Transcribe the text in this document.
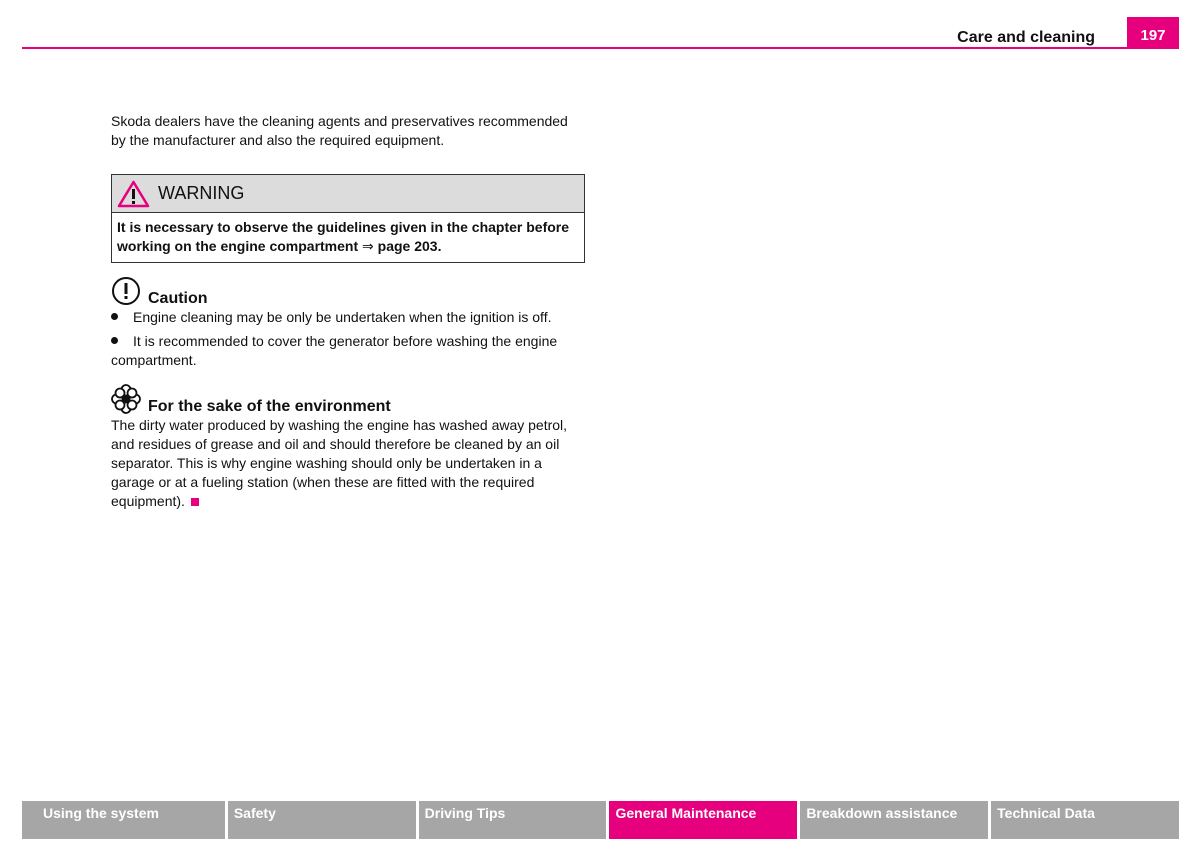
Care and cleaning	197

Skoda dealers have the cleaning agents and preservatives recommended by the manufacturer and also the required equipment.

WARNING
It is necessary to observe the guidelines given in the chapter before working on the engine compartment ⇒ page 203.
Caution
Engine cleaning may be only be undertaken when the ignition is off.
It is recommended to cover the generator before washing the engine compartment.
For the sake of the environment

The dirty water produced by washing the engine has washed away petrol, and residues of grease and oil and should therefore be cleaned by an oil separator. This is why engine washing should only be undertaken in a garage or at a fueling station (when these are fitted with the required equipment).

Using the system	Safety	Driving Tips	General Maintenance	Breakdown assistance	Technical Data
